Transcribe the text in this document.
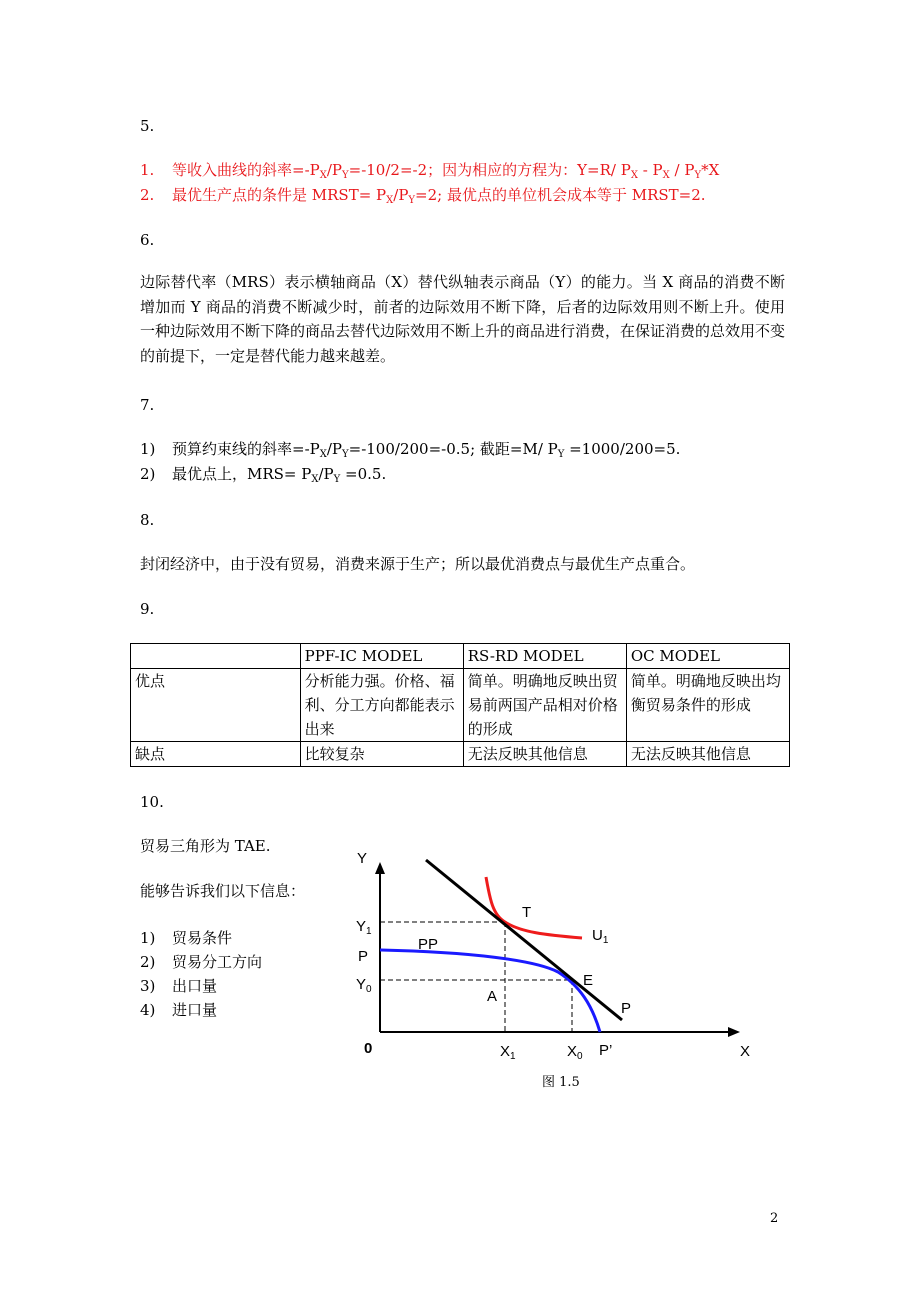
5.
1. 等收入曲线的斜率$=-P_X/P_Y=-10/2=-2$；因为相应的方程为：Y=R/ $P_X - P_X / P_Y*X$
2. 最优生产点的条件是 MRST= $P_X/P_Y=2$; 最优点的单位机会成本等于 MRST=2.
6.
边际替代率（MRS）表示横轴商品（X）替代纵轴表示商品（Y）的能力。当 X 商品的消费不断增加而 Y 商品的消费不断减少时，前者的边际效用不断下降，后者的边际效用则不断上升。使用一种边际效用不断下降的商品去替代边际效用不断上升的商品进行消费，在保证消费的总效用不变的前提下，一定是替代能力越来越差。
7.
1) 预算约束线的斜率$=-P_X/P_Y=-100/200=-0.5$; 截距=M/ $P_Y =1000/200=5$.
2) 最优点上，$MRS= P_X/P_Y =0.5$.
8.
封闭经济中，由于没有贸易，消费来源于生产；所以最优消费点与最优生产点重合。
9.
	PPF-IC MODEL	RS-RD MODEL	OC MODEL
优点	分析能力强。价格、福利、分工方向都能表示出来	简单。明确地反映出贸易前两国产品相对价格的形成	简单。明确地反映出均衡贸易条件的形成
缺点	比较复杂	无法反映其他信息	无法反映其他信息
10.
贸易三角形为 TAE.
能够告诉我们以下信息：
1) 贸易条件
2) 贸易分工方向
3) 出口量
4) 进口量
Y
X
0
$Y_1$
P
$Y_0$
PP
T
$U_1$
E
A
P
$X_1$	$X_0$ P’
图 1.5
2
